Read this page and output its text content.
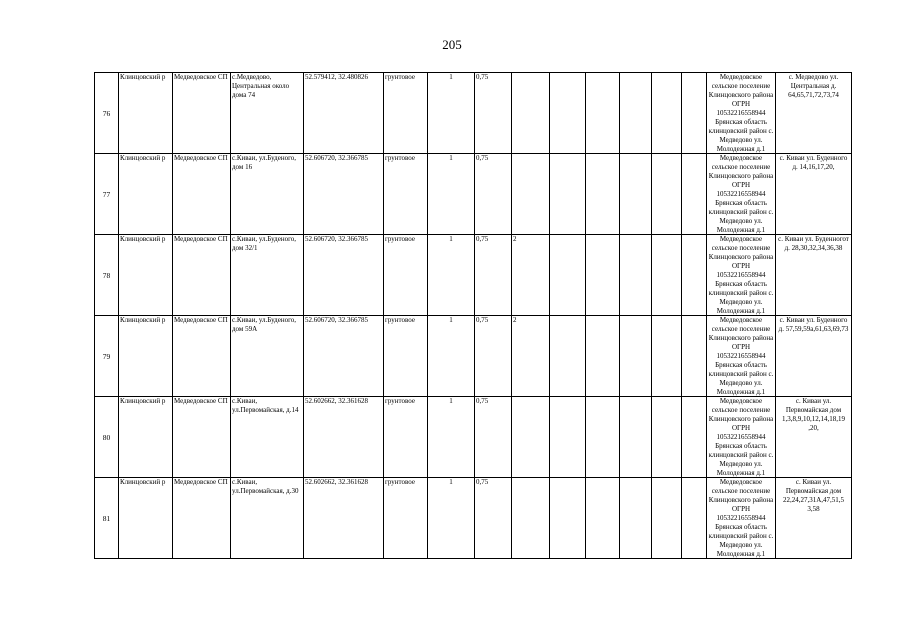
205
76	Клинцовский р	Медведовское СП	с.Медведово, Центральная около дома 74	52.579412, 32.480826	грунтовое	1	0,75							Медведовское сельское поселение Клинцовского района ОГРН 10532216558944 Брянская область клинцовский район с. Медведово ул. Молодежная д.1	с. Медведово ул. Центральная д. 64,65,71,72,73,74
77	Клинцовский р	Медведовское СП	с.Киваи, ул.Буденого, дом 16	52.606720, 32.366785	грунтовое	1	0,75							Медведовское сельское поселение Клинцовского района ОГРН 10532216558944 Брянская область клинцовский район с. Медведово ул. Молодежная д.1	с. Киваи ул. Буденного д. 14,16,17,20,
78	Клинцовский р	Медведовское СП	с.Киваи, ул.Буденого, дом 32/1	52.606720, 32.366785	грунтовое	1	0,75	2						Медведовское сельское поселение Клинцовского района ОГРН 10532216558944 Брянская область клинцовский район с. Медведово ул. Молодежная д.1	с. Киваи ул. Буденногот д. 28,30,32,34,36,38
79	Клинцовский р	Медведовское СП	с.Киваи, ул.Буденого, дом 59А	52.606720, 32.366785	грунтовое	1	0,75	2						Медведовское сельское поселение Клинцовского района ОГРН 10532216558944 Брянская область клинцовский район с. Медведово ул. Молодежная д.1	с. Киваи ул. Буденного д. 57,59,59а,61,63,69,73
80	Клинцовский р	Медведовское СП	с.Киваи, ул.Первомайская, д.14	52.602662, 32.361628	грунтовое	1	0,75							Медведовское сельское поселение Клинцовского района ОГРН 10532216558944 Брянская область клинцовский район с. Медведово ул. Молодежная д.1	с. Киваи ул. Первомайская дом 1,3,8,9,10,12,14,18,19 ,20,
81	Клинцовский р	Медведовское СП	с.Киваи, ул.Первомайская, д.30	52.602662, 32.361628	грунтовое	1	0,75							Медведовское сельское поселение Клинцовского района ОГРН 10532216558944 Брянская область клинцовский район с. Медведово ул. Молодежная д.1	с. Киваи ул. Первомайская дом 22,24,27,31А,47,51,5 3,58
